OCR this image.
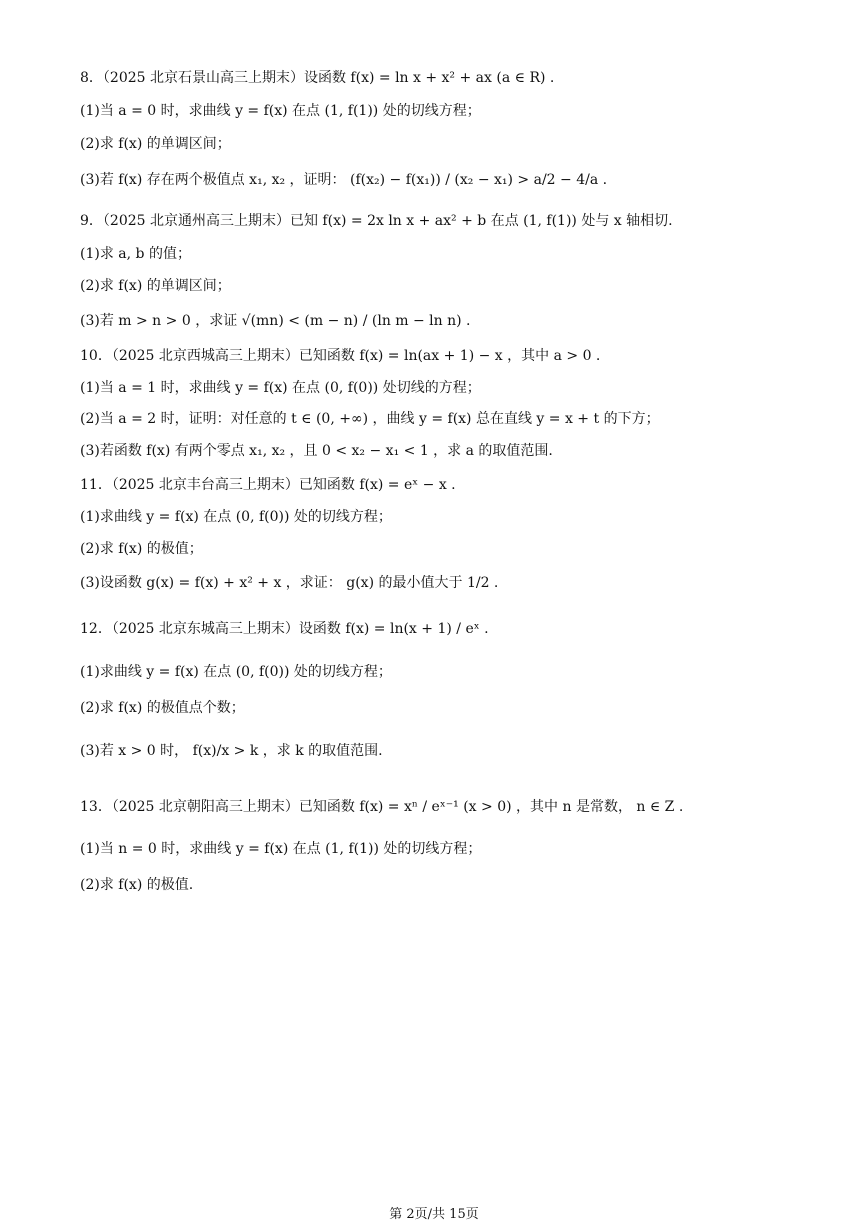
8．（2025 北京石景山高三上期末）设函数 f(x) = ln x + x² + ax (a ∈ R) .
(1)当 a = 0 时，求曲线 y = f(x) 在点 (1, f(1)) 处的切线方程；
(2)求 f(x) 的单调区间；
(3)若 f(x) 存在两个极值点 x₁, x₂ ，证明： (f(x₂) − f(x₁)) / (x₂ − x₁) > a/2 − 4/a .
9．（2025 北京通州高三上期末）已知 f(x) = 2x ln x + ax² + b 在点 (1, f(1)) 处与 x 轴相切.
(1)求 a, b 的值；
(2)求 f(x) 的单调区间；
(3)若 m > n > 0 ，求证 √(mn) < (m − n) / (ln m − ln n) .
10．（2025 北京西城高三上期末）已知函数 f(x) = ln(ax + 1) − x ，其中 a > 0 .
(1)当 a = 1 时，求曲线 y = f(x) 在点 (0, f(0)) 处切线的方程；
(2)当 a = 2 时，证明：对任意的 t ∈ (0, +∞) ，曲线 y = f(x) 总在直线 y = x + t 的下方；
(3)若函数 f(x) 有两个零点 x₁, x₂ ，且 0 < x₂ − x₁ < 1 ，求 a 的取值范围.
11．（2025 北京丰台高三上期末）已知函数 f(x) = eˣ − x .
(1)求曲线 y = f(x) 在点 (0, f(0)) 处的切线方程；
(2)求 f(x) 的极值；
(3)设函数 g(x) = f(x) + x² + x ，求证： g(x) 的最小值大于 1/2 .
12．（2025 北京东城高三上期末）设函数 f(x) = ln(x + 1) / eˣ .
(1)求曲线 y = f(x) 在点 (0, f(0)) 处的切线方程；
(2)求 f(x) 的极值点个数；
(3)若 x > 0 时， f(x)/x > k ，求 k 的取值范围.
13．（2025 北京朝阳高三上期末）已知函数 f(x) = xⁿ / eˣ⁻¹ (x > 0) ，其中 n 是常数， n ∈ Z .
(1)当 n = 0 时，求曲线 y = f(x) 在点 (1, f(1)) 处的切线方程；
(2)求 f(x) 的极值.
第 2页/共 15页
